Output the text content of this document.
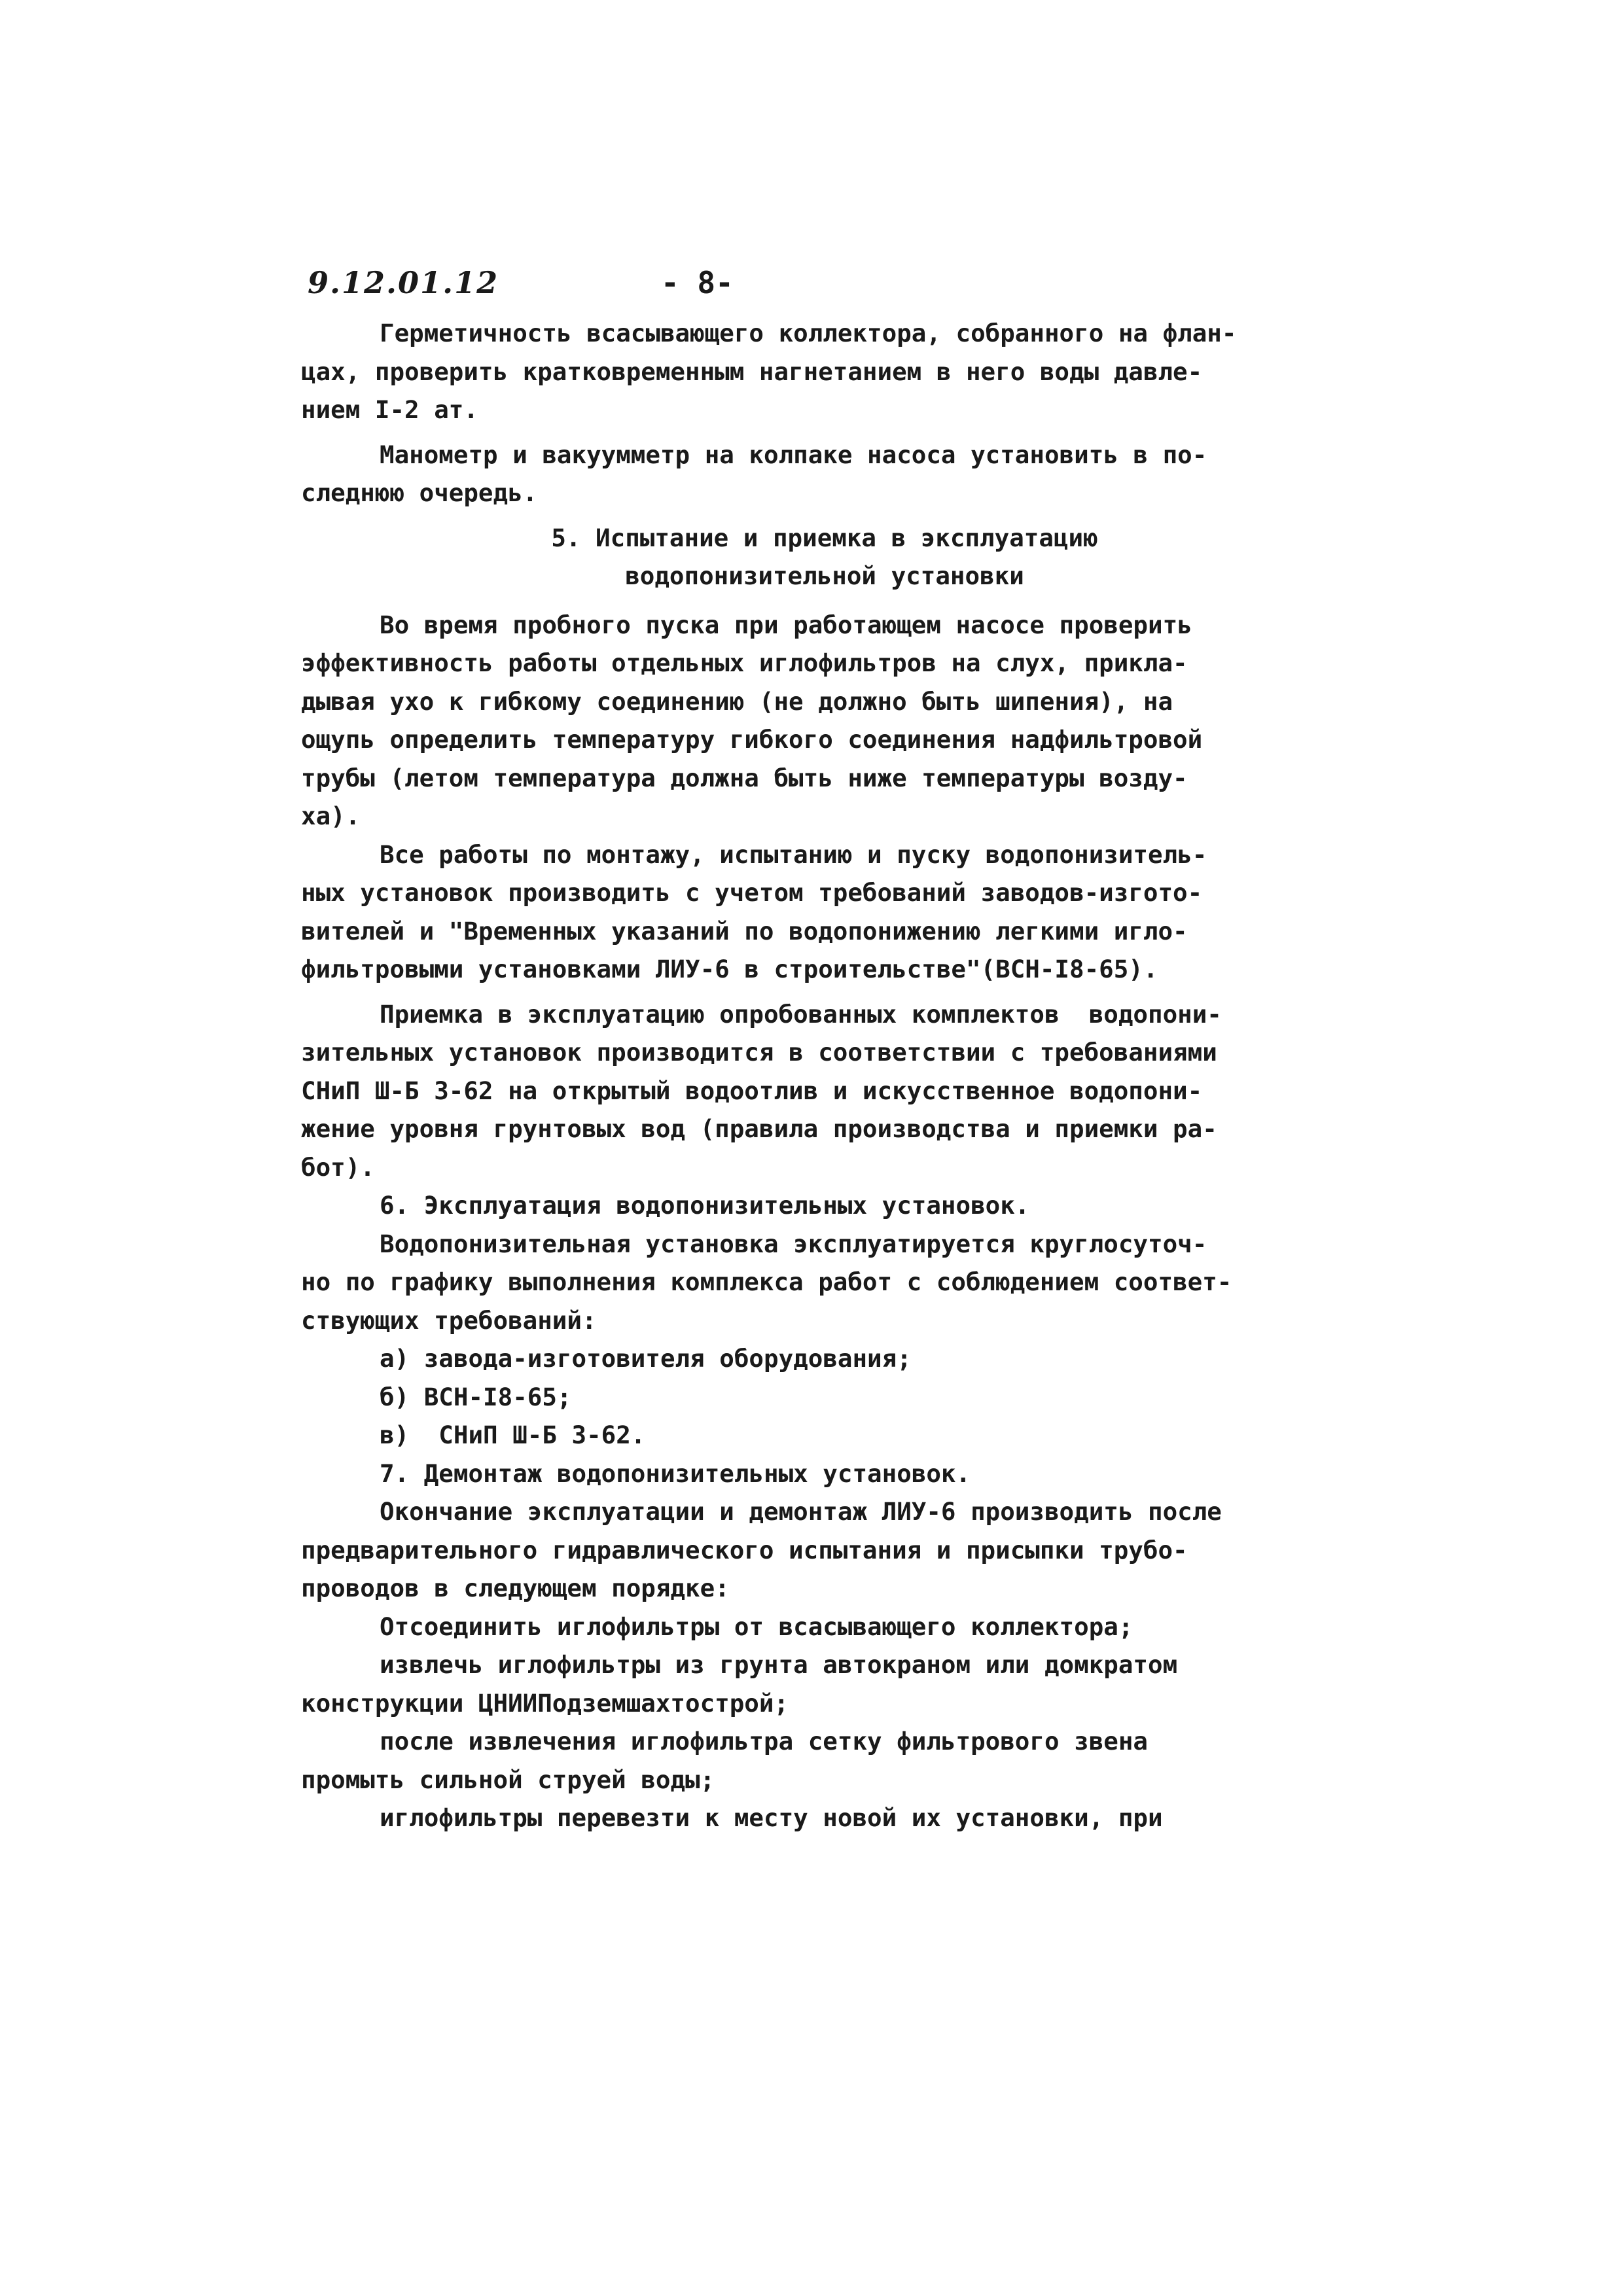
9.12.01.12	- 8-
Герметичность всасывающего коллектора, собранного на флан-
цах, проверить кратковременным нагнетанием в него воды давле-
нием I-2 ат.
Манометр и вакуумметр на колпаке насоса установить в по-
следнюю очередь.
5. Испытание и приемка в эксплуатацию
водопонизительной установки
Во время пробного пуска при работающем насосе проверить
эффективность работы отдельных иглофильтров на слух, прикла-
дывая ухо к гибкому соединению (не должно быть шипения), на
ощупь определить температуру гибкого соединения надфильтровой
трубы (летом температура должна быть ниже температуры возду-
ха).
Все работы по монтажу, испытанию и пуску водопонизитель-
ных установок производить с учетом требований заводов-изгото-
вителей и "Временных указаний по водопонижению легкими игло-
фильтровыми установками ЛИУ-6 в строительстве"(ВСН-I8-65).
Приемка в эксплуатацию опробованных комплектов  водопони-
зительных установок производится в соответствии с требованиями
СНиП Ш-Б 3-62 на открытый водоотлив и искусственное водопони-
жение уровня грунтовых вод (правила производства и приемки ра-
бот).
6. Эксплуатация водопонизительных установок.
Водопонизительная установка эксплуатируется круглосуточ-
но по графику выполнения комплекса работ с соблюдением соответ-
ствующих требований:
а) завода-изготовителя оборудования;
б) ВСН-I8-65;
в)  СНиП Ш-Б 3-62.
7. Демонтаж водопонизительных установок.
Окончание эксплуатации и демонтаж ЛИУ-6 производить после
предварительного гидравлического испытания и присыпки трубо-
проводов в следующем порядке:
Отсоединить иглофильтры от всасывающего коллектора;
извлечь иглофильтры из грунта автокраном или домкратом
конструкции ЦНИИПодземшахтострой;
после извлечения иглофильтра сетку фильтрового звена
промыть сильной струей воды;
иглофильтры перевезти к месту новой их установки, при
